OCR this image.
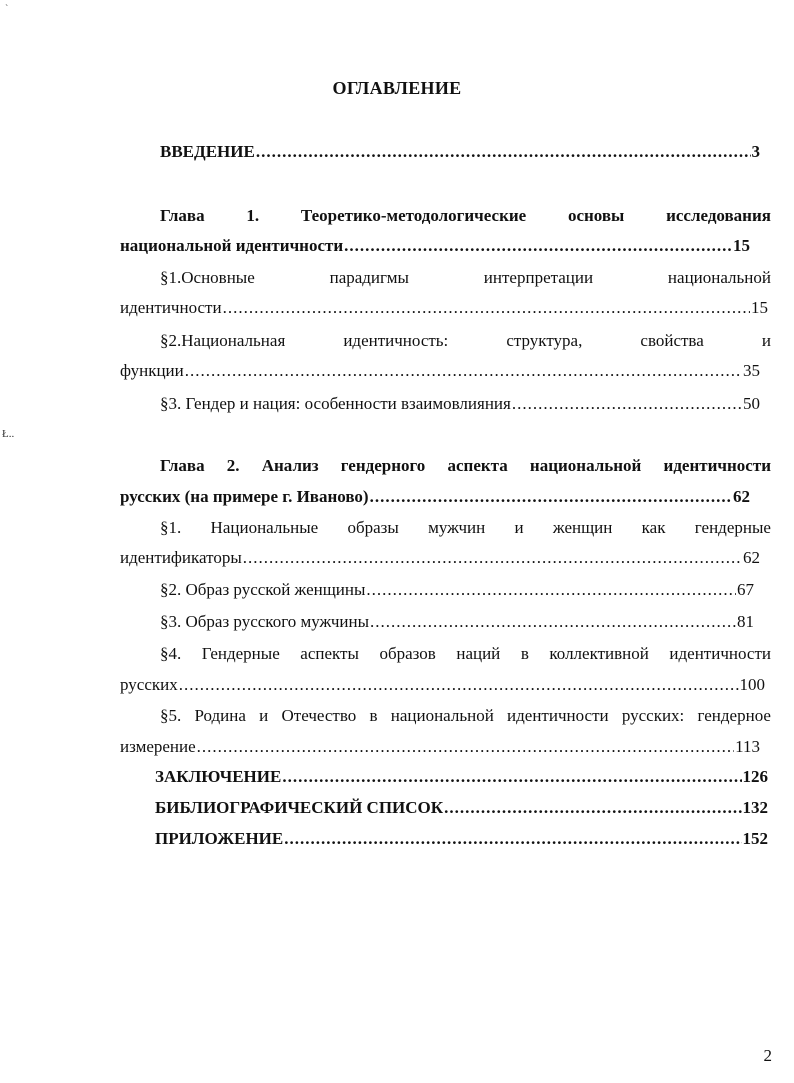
`
Ł..
ОГЛАВЛЕНИЕ
ВВЕДЕНИЕ .....	3
Глава 1. Теоретико-методологические основы исследования
национальной идентичности .....	15
§1.Основные	парадигмы	интерпретации	национальной
идентичности .....	15
§2.Национальная	идентичность:	структура,	свойства	и
функции .....	35
§3. Гендер и нация: особенности взаимовлияния .....	50
Глава 2. Анализ гендерного аспекта национальной идентичности
русских (на примере г. Иваново) .....	62
§1. Национальные образы мужчин и женщин как гендерные
идентификаторы .....	62
§2. Образ русской женщины .....	67
§3. Образ русского мужчины .....	81
§4. Гендерные аспекты образов наций в коллективной идентичности
русских .....	100
§5. Родина и Отечество в национальной идентичности русских: гендерное
измерение .....	113
ЗАКЛЮЧЕНИЕ .....	126
БИБЛИОГРАФИЧЕСКИЙ СПИСОК .....	132
ПРИЛОЖЕНИЕ .....	152
2
